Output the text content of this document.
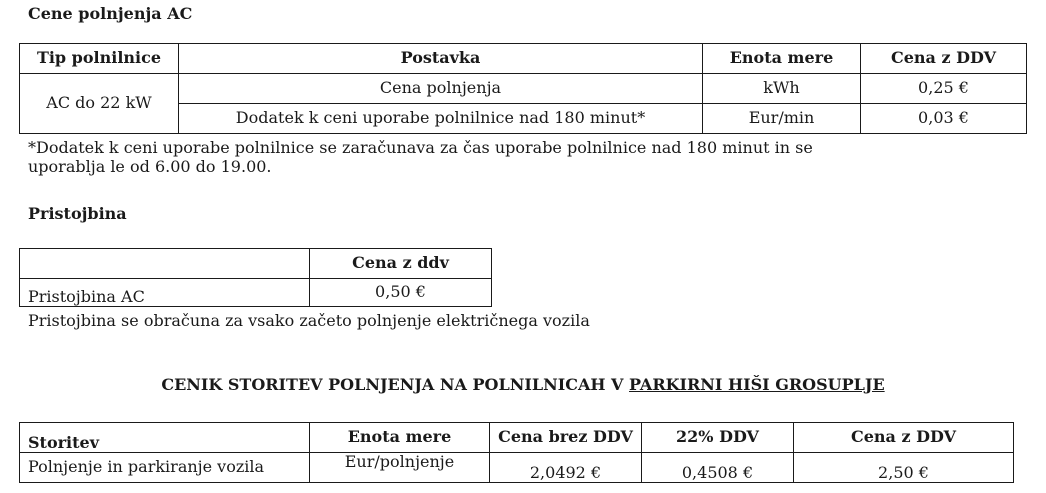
Cene polnjenja AC
Tip polnilnice	Postavka	Enota mere	Cena z DDV
AC do 22 kW	Cena polnjenja	kWh	0,25 €
	Dodatek k ceni uporabe polnilnice nad 180 minut*	Eur/min	0,03 €

*Dodatek k ceni uporabe polnilnice se zaračunava za čas uporabe polnilnice nad 180 minut in se

uporablja le od 6.00 do 19.00.

Pristojbina
	Cena z ddv
Pristojbina AC	0,50 €

Pristojbina se obračuna za vsako začeto polnjenje električnega vozila

CENIK STORITEV POLNJENJA NA POLNILNICAH V PARKIRNI HIŠI GROSUPLJE
Storitev	Enota mere	Cena brez DDV	22% DDV	Cena z DDV
Polnjenje in parkiranje vozila	Eur/polnjenje	2,0492 €	0,4508 €	2,50 €
